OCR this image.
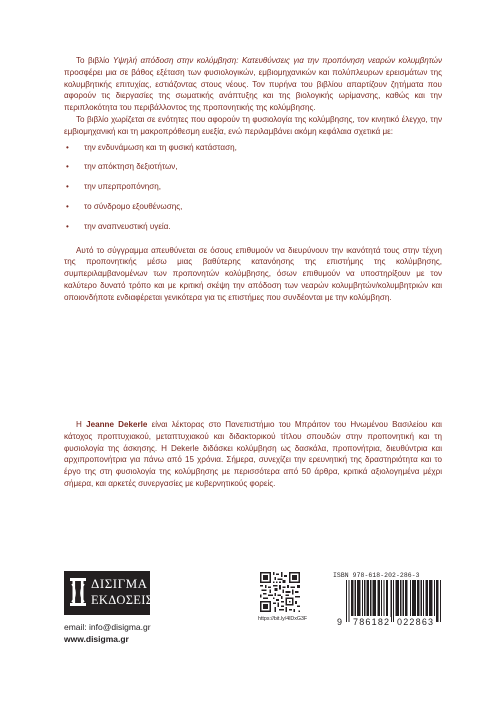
Το βιβλίο Υψηλή απόδοση στην κολύμβηση: Κατευθύνσεις για την προπόνηση νεαρών κολυμβητών προσφέρει μια σε βάθος εξέταση των φυσιολογικών, εμβιομηχανικών και πολύπλευρων ερεισμάτων της κολυμβητικής επιτυχίας, εστιάζοντας στους νέους. Τον πυρήνα του βιβλίου απαρτίζουν ζητήματα που αφορούν τις διεργασίες της σωματικής ανάπτυξης και της βιολογικής ωρίμανσης, καθώς και την περιπλοκότητα του περιβάλλοντος της προπονητικής της κολύμβησης.

Το βιβλίο χωρίζεται σε ενότητες που αφορούν τη φυσιολογία της κολύμβησης, τον κινητικό έλεγχο, την εμβιομηχανική και τη μακροπρόθεσμη ευεξία, ενώ περιλαμβάνει ακόμη κεφάλαια σχετικά με:

• την ενδυνάμωση και τη φυσική κατάσταση,
• την απόκτηση δεξιοτήτων,
• την υπερπροπόνηση,
• το σύνδρομο εξουθένωσης,
• την αναπνευστική υγεία.

Αυτό το σύγγραμμα απευθύνεται σε όσους επιθυμούν να διευρύνουν την ικανότητά τους στην τέχνη της προπονητικής μέσω μιας βαθύτερης κατανόησης της επιστήμης της κολύμβησης, συμπεριλαμβανομένων των προπονητών κολύμβησης, όσων επιθυμούν να υποστηρίξουν με τον καλύτερο δυνατό τρόπο και με κριτική σκέψη την απόδοση των νεαρών κολυμβητών/κολυμβητριών και οποιονδήποτε ενδιαφέρεται γενικότερα για τις επιστήμες που συνδέονται με την κολύμβηση.

Η Jeanne Dekerle είναι λέκτορας στο Πανεπιστήμιο του Μπράιτον του Ηνωμένου Βασιλείου και κάτοχος προπτυχιακού, μεταπτυχιακού και διδακτορικού τίτλου σπουδών στην προπονητική και τη φυσιολογία της άσκησης. Η Dekerle διδάσκει κολύμβηση ως δασκάλα, προπονήτρια, διευθύντρια και αρχιπροπονήτρια για πάνω από 15 χρόνια. Σήμερα, συνεχίζει την ερευνητική της δραστηριότητα και το έργο της στη φυσιολογία της κολύμβησης με περισσότερα από 50 άρθρα, κριτικά αξιολογημένα μέχρι σήμερα, και αρκετές συνεργασίες με κυβερνητικούς φορείς.

ΔΙΣΙΓΜΑ
ΕΚΔΟΣΕΙΣ
email: info@disigma.gr
www.disigma.gr
https://bit.ly/4lDxG3F
ISBN 978-618-202-286-3
9 786182 022863
